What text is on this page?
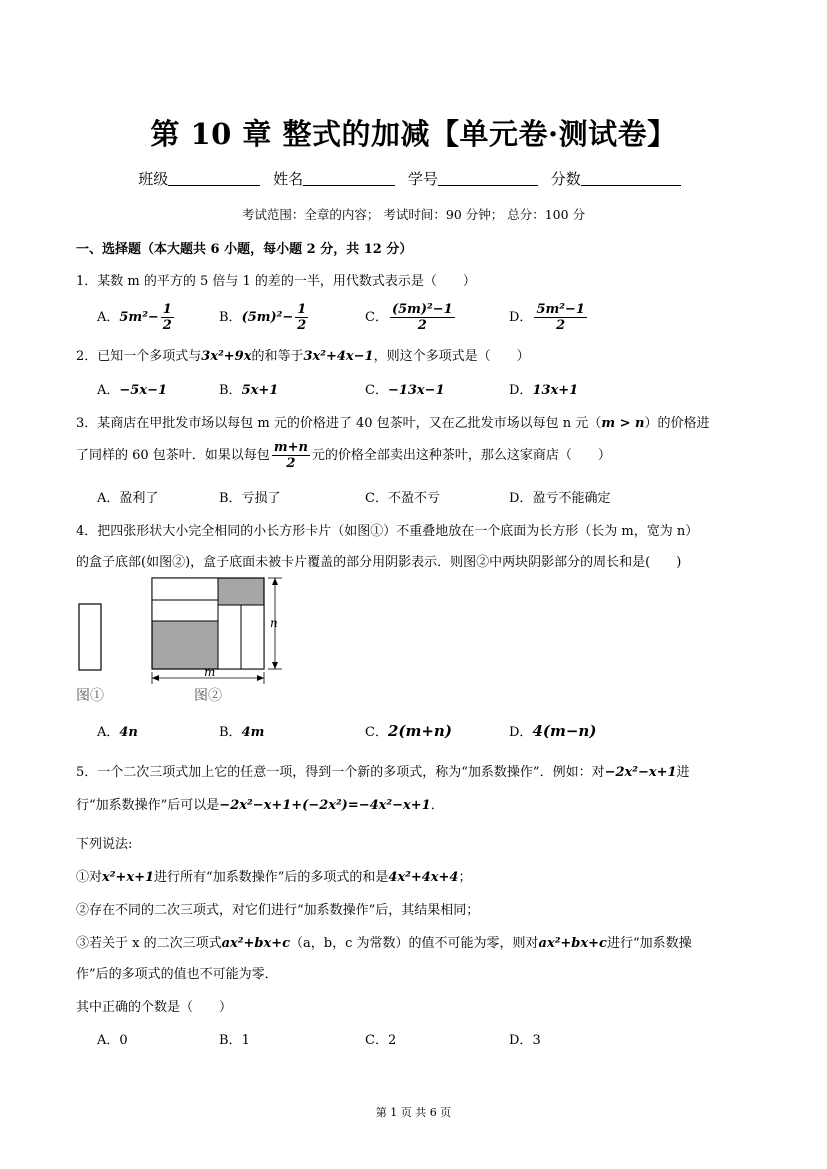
第 10 章 整式的加减【单元卷·测试卷】
班级	姓名	学号	分数
考试范围：全章的内容； 考试时间：90 分钟； 总分：100 分
一、选择题（本大题共 6 小题，每小题 2 分，共 12 分）
1．某数 m 的平方的 5 倍与 1 的差的一半，用代数式表示是（　　）
A．$5m^2- \frac{1}{2}$	B．$(5m)^2- \frac{1}{2}$	C． $\frac{\text{(5m)²−1}}{2}$	D． $\frac{\text{5m²−1}}{2}$
2．已知一个多项式与3x²+9x的和等于3x²+4x−1，则这个多项式是（　　）
A．−5x−1	B．5x+1	C．−13x−1	D．13x+1
3．某商店在甲批发市场以每包 m 元的价格进了 40 包茶叶，又在乙批发市场以每包 n 元（m > n）的价格进
了同样的 60 包茶叶．如果以每包 $\frac{m+n}{2}$ 元的价格全部卖出这种茶叶，那么这家商店（　　）
A．盈利了	B．亏损了	C．不盈不亏	D．盈亏不能确定
4．把四张形状大小完全相同的小长方形卡片（如图①）不重叠地放在一个底面为长方形（长为 m，宽为 n）
的盒子底部(如图②)，盒子底面未被卡片覆盖的部分用阴影表示．则图②中两块阴影部分的周长和是(　　)
n
m
图①	图②
A．4n	B．4m	C．2(m+n)	D．4(m−n)
5．一个二次三项式加上它的任意一项，得到一个新的多项式，称为“加系数操作”．例如：对−2x²−x+1进
行“加系数操作”后可以是−2x²−x+1+(−2x²)=−4x²−x+1．
下列说法:
①对x²+x+1进行所有“加系数操作”后的多项式的和是4x²+4x+4；
②存在不同的二次三项式，对它们进行“加系数操作”后，其结果相同；
③若关于 x 的二次三项式ax²+bx+c（a，b，c 为常数）的值不可能为零，则对ax²+bx+c进行“加系数操
作”后的多项式的值也不可能为零．
其中正确的个数是（　　）
A．0	B．1	C．2	D．3
第 1 页 共 6 页
